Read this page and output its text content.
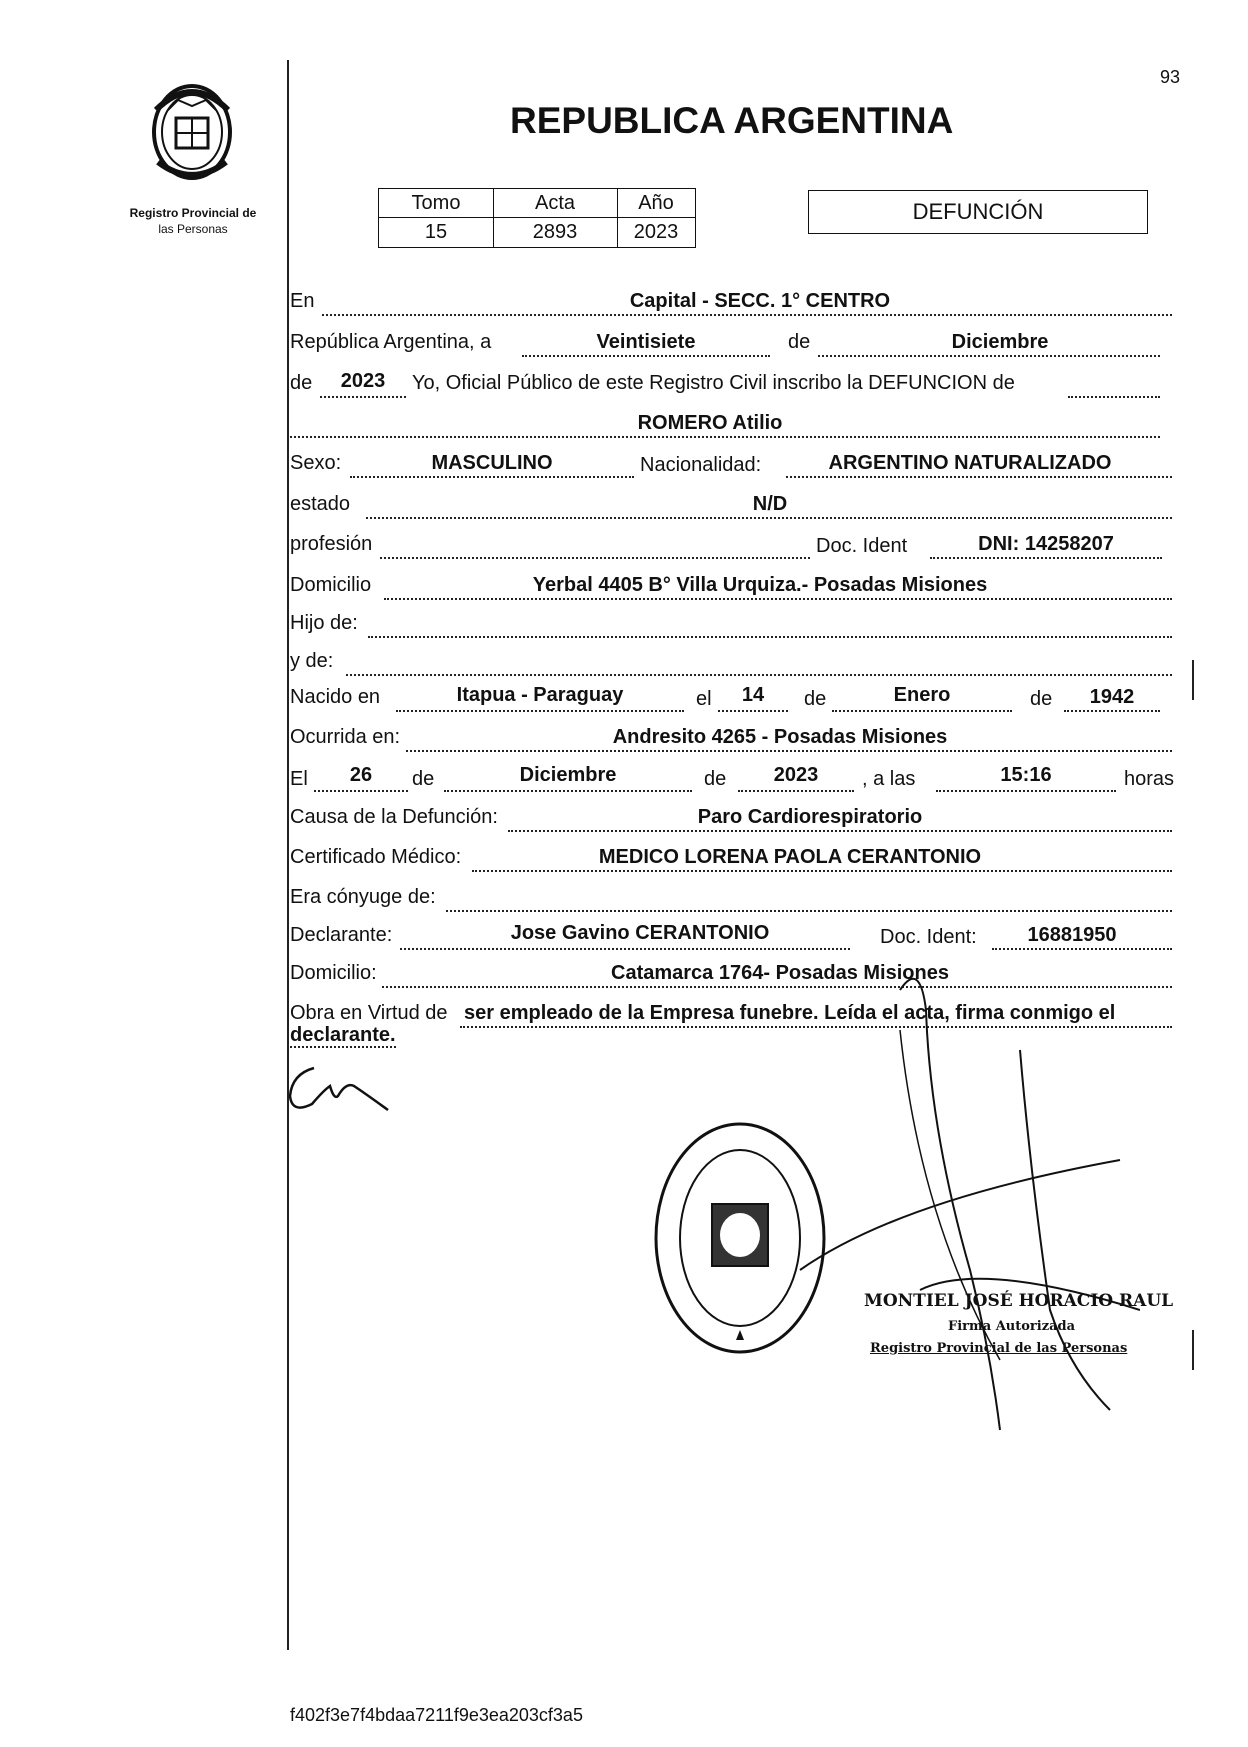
93
Registro Provincial de
las Personas
REPUBLICA ARGENTINA
Tomo	Acta	Año
15	2893	2023
DEFUNCIÓN
En	Capital - SECC. 1° CENTRO
República Argentina, a	Veintisiete	de	Diciembre
de	2023	Yo, Oficial Público de este Registro Civil inscribo la DEFUNCION de
ROMERO Atilio
Sexo:	MASCULINO	Nacionalidad:	ARGENTINO NATURALIZADO
estado	N/D
profesión	Doc. Ident	DNI: 14258207
Domicilio	Yerbal 4405 B° Villa Urquiza.- Posadas Misiones
Hijo de:
y de:
Nacido en	Itapua - Paraguay	el	14	de	Enero	de	1942
Ocurrida en:	Andresito 4265 - Posadas Misiones
El	26	de	Diciembre	de	2023	, a las	15:16	horas
Causa de la Defunción:	Paro Cardiorespiratorio
Certificado Médico:	MEDICO LORENA PAOLA CERANTONIO
Era cónyuge de:
Declarante:	Jose Gavino CERANTONIO	Doc. Ident:	16881950
Domicilio:	Catamarca 1764- Posadas Misiones
Obra en Virtud de ser empleado de la Empresa funebre. Leída el acta, firma conmigo el
declarante.
MONTIEL JOSÉ HORACIO RAUL
Firma Autorizada
Registro Provincial de las Personas
f402f3e7f4bdaa7211f9e3ea203cf3a5
